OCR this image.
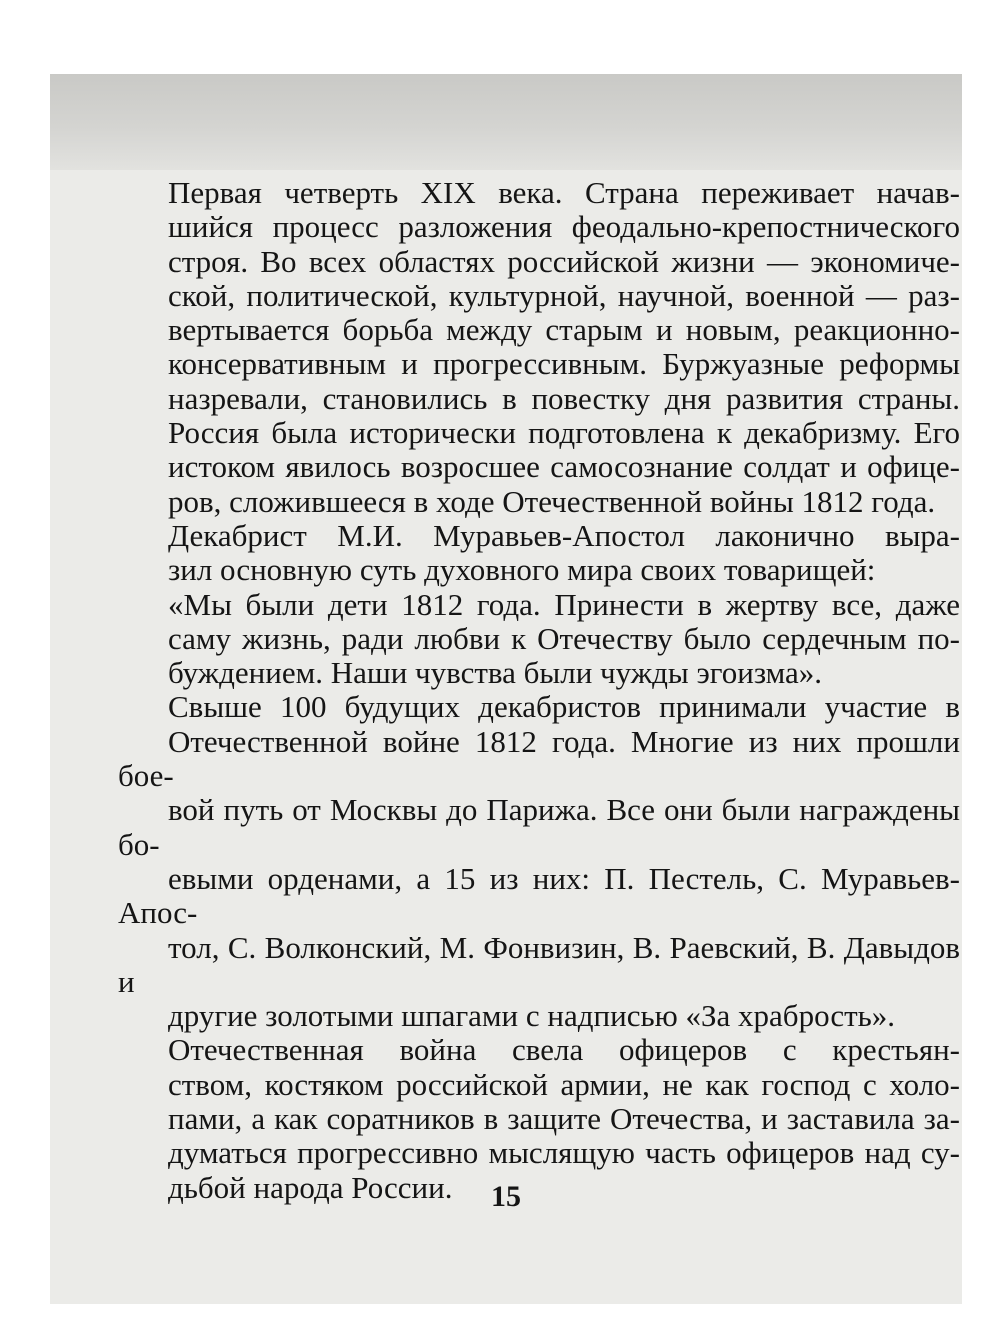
Первая четверть XIX века. Страна переживает начав-
шийся процесс разложения феодально-крепостнического
строя. Во всех областях российской жизни — экономиче-
ской, политической, культурной, научной, военной — раз-
вертывается борьба между старым и новым, реакционно-
консервативным и прогрессивным. Буржуазные реформы
назревали, становились в повестку дня развития страны.
Россия была исторически подготовлена к декабризму. Его
истоком явилось возросшее самосознание солдат и офице-
ров, сложившееся в ходе Отечественной войны 1812 года.

Декабрист М.И. Муравьев-Апостол лаконично выра-
зил основную суть духовного мира своих товарищей:

«Мы были дети 1812 года. Принести в жертву все, даже
саму жизнь, ради любви к Отечеству было сердечным по-
буждением. Наши чувства были чужды эгоизма».

Свыше 100 будущих декабристов принимали участие в
Отечественной войне 1812 года. Многие из них прошли бое-
вой путь от Москвы до Парижа. Все они были награждены бо-
евыми орденами, а 15 из них: П. Пестель, С. Муравьев-Апос-
тол, С. Волконский, М. Фонвизин, В. Раевский, В. Давыдов и
другие золотыми шпагами с надписью «За храбрость».

Отечественная война свела офицеров с крестьян-
ством, костяком российской армии, не как господ с холо-
пами, а как соратников в защите Отечества, и заставила за-
думаться прогрессивно мыслящую часть офицеров над су-
дьбой народа России.	15
